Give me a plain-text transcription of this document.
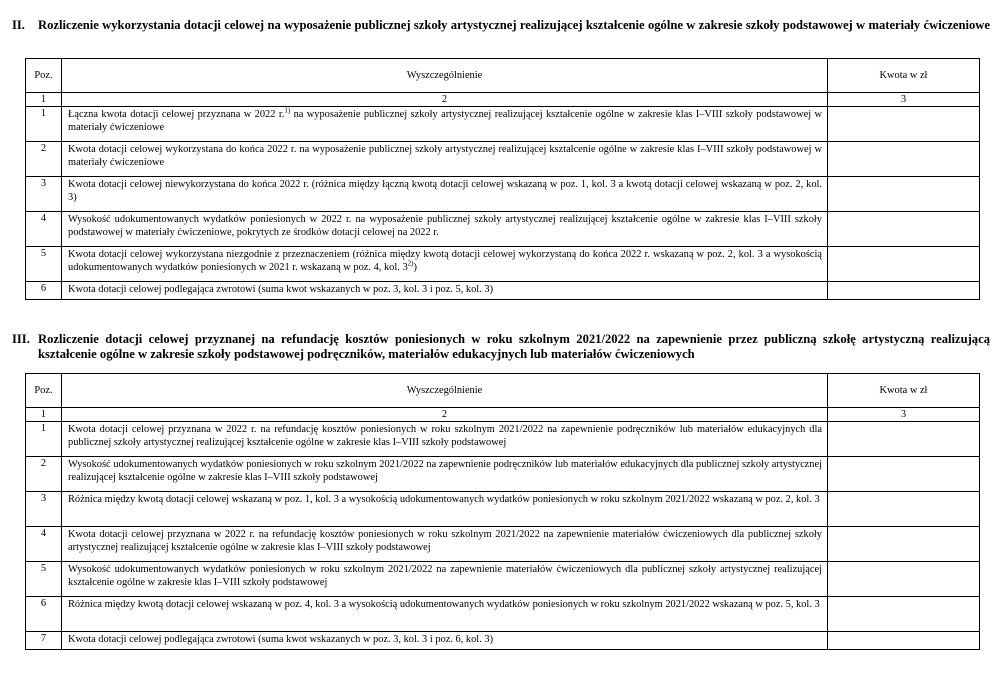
II. Rozliczenie wykorzystania dotacji celowej na wyposażenie publicznej szkoły artystycznej realizującej kształcenie ogólne w zakresie szkoły podstawowej w materiały ćwiczeniowe
Poz.	Wyszczególnienie	Kwota w zł
1	2	3
1	Łączna kwota dotacji celowej przyznana w 2022 r.$^{1)}$ na wyposażenie publicznej szkoły artystycznej realizującej kształcenie ogólne w zakresie klas I–VIII szkoły podstawowej w materiały ćwiczeniowe	
2	Kwota dotacji celowej wykorzystana do końca 2022 r. na wyposażenie publicznej szkoły artystycznej realizującej kształcenie ogólne w zakresie klas I–VIII szkoły podstawowej w materiały ćwiczeniowe	
3	Kwota dotacji celowej niewykorzystana do końca 2022 r. (różnica między łączną kwotą dotacji celowej wskazaną w poz. 1, kol. 3 a kwotą dotacji celowej wskazaną w poz. 2, kol. 3)	
4	Wysokość udokumentowanych wydatków poniesionych w 2022 r. na wyposażenie publicznej szkoły artystycznej realizującej kształcenie ogólne w zakresie klas I–VIII szkoły podstawowej w materiały ćwiczeniowe, pokrytych ze środków dotacji celowej na 2022 r.	
5	Kwota dotacji celowej wykorzystana niezgodnie z przeznaczeniem (różnica między kwotą dotacji celowej wykorzystaną do końca 2022 r. wskazaną w poz. 2, kol. 3 a wysokością udokumentowanych wydatków poniesionych w 2021 r. wskazaną w poz. 4, kol. 3$^{2)}$)	
6	Kwota dotacji celowej podlegająca zwrotowi (suma kwot wskazanych w poz. 3, kol. 3 i poz. 5, kol. 3)	
III. Rozliczenie dotacji celowej przyznanej na refundację kosztów poniesionych w roku szkolnym 2021/2022 na zapewnienie przez publiczną szkołę artystyczną realizującą kształcenie ogólne w zakresie szkoły podstawowej podręczników, materiałów edukacyjnych lub materiałów ćwiczeniowych
Poz.	Wyszczególnienie	Kwota w zł
1	2	3
1	Kwota dotacji celowej przyznana w 2022 r. na refundację kosztów poniesionych w roku szkolnym 2021/2022 na zapewnienie podręczników lub materiałów edukacyjnych dla publicznej szkoły artystycznej realizującej kształcenie ogólne w zakresie klas I–VIII szkoły podstawowej	
2	Wysokość udokumentowanych wydatków poniesionych w roku szkolnym 2021/2022 na zapewnienie podręczników lub materiałów edukacyjnych dla publicznej szkoły artystycznej realizującej kształcenie ogólne w zakresie klas I–VIII szkoły podstawowej	
3	Różnica między kwotą dotacji celowej wskazaną w poz. 1, kol. 3 a wysokością udokumentowanych wydatków poniesionych w roku szkolnym 2021/2022 wskazaną w poz. 2, kol. 3	
4	Kwota dotacji celowej przyznana w 2022 r. na refundację kosztów poniesionych w roku szkolnym 2021/2022 na zapewnienie materiałów ćwiczeniowych dla publicznej szkoły artystycznej realizującej kształcenie ogólne w zakresie klas I–VIII szkoły podstawowej	
5	Wysokość udokumentowanych wydatków poniesionych w roku szkolnym 2021/2022 na zapewnienie materiałów ćwiczeniowych dla publicznej szkoły artystycznej realizującej kształcenie ogólne w zakresie klas I–VIII szkoły podstawowej	
6	Różnica między kwotą dotacji celowej wskazaną w poz. 4, kol. 3 a wysokością udokumentowanych wydatków poniesionych w roku szkolnym 2021/2022 wskazaną w poz. 5, kol. 3	
7	Kwota dotacji celowej podlegająca zwrotowi (suma kwot wskazanych w poz. 3, kol. 3 i poz. 6, kol. 3)	
